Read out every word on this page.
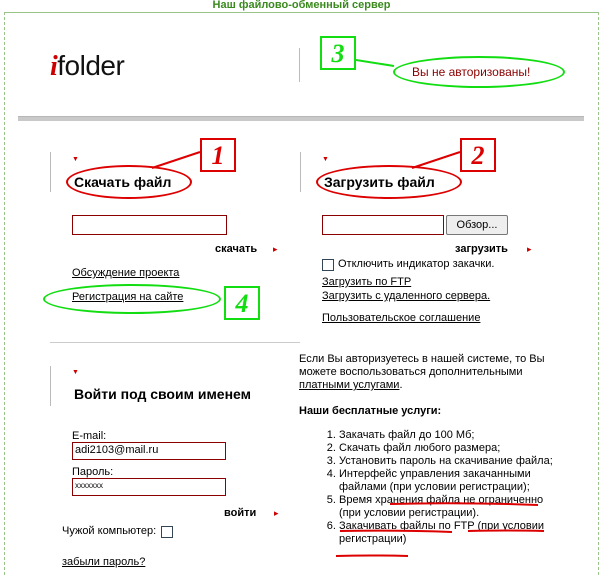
Наш файлово-обменный сервер
ifolder	Вы не авторизованы!
3
▼
Скачать файл
1
скачать ▸
Обсуждение проекта
Регистрация на сайте	4
▼
Загрузить файл
2
Обзор...
загрузить ▸
Отключить индикатор закачки.
Загрузить по FTP
Загрузить с удаленного сервера.
Пользовательское соглашение
▼
Войти под своим именем
E-mail:
adi2103@mail.ru
Пароль:
xxxxxxx
войти ▸
Чужой компьютер:
забыли пароль?
Если Вы авторизуетесь в нашей системе, то Вы можете воспользоваться дополнительными платными услугами.
Наши бесплатные услуги:
1. Закачать файл до 100 Мб;
2. Скачать файл любого размера;
3. Установить пароль на скачивание файла;
4. Интерфейс управления закачанными файлами (при условии регистрации);
5. Время хранения файла не ограниченно (при условии регистрации).
6. Закачивать файлы по FTP (при условии регистрации)
